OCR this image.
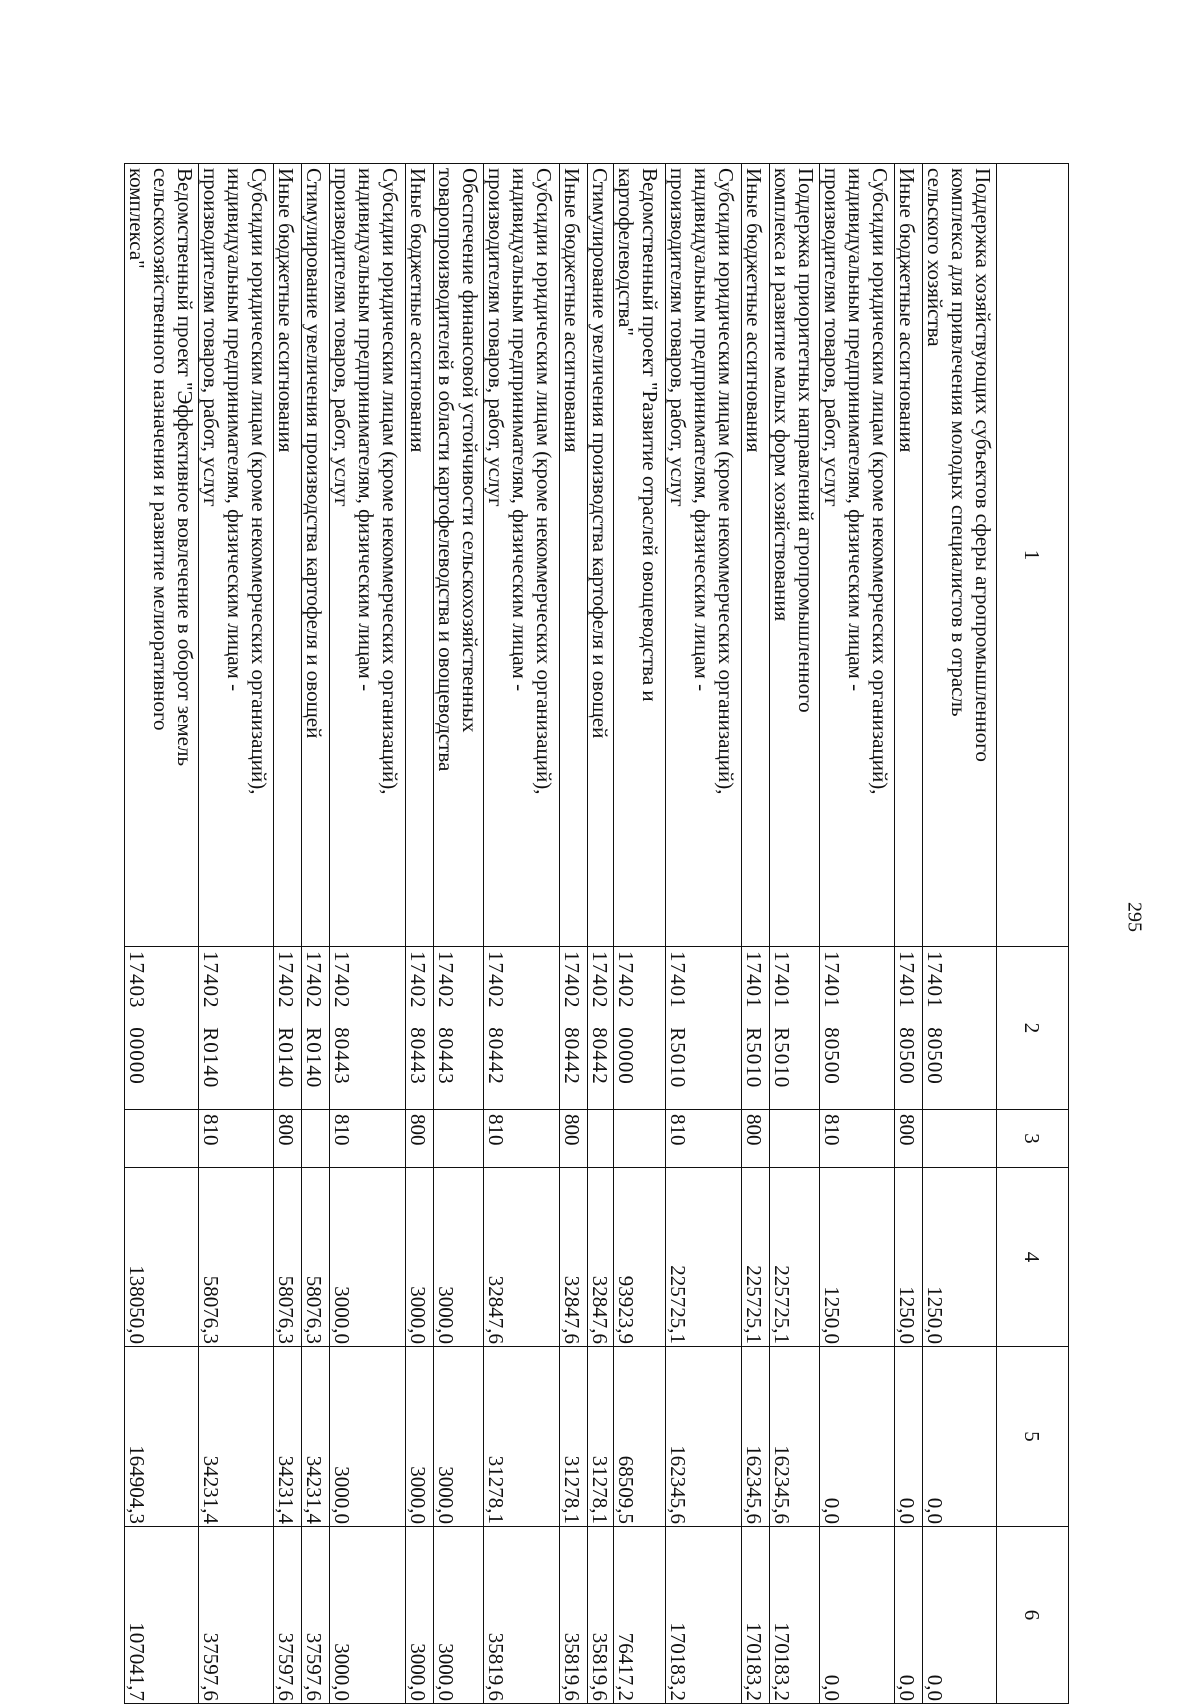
295
1	2	3	4	5	6

Поддержка хозяйствующих субъектов сферы агропромышленного
комплекса для привлечения молодых специалистов в отрасль
сельского хозяйства	17401   80500		1250,0	0,0	0,0

Иные бюджетные ассигнования	17401   80500	800	1250,0	0,0	0,0

Субсидии юридическим лицам (кроме некоммерческих организаций),
индивидуальным предпринимателям, физическим лицам -
производителям товаров, работ, услуг	17401   80500	810	1250,0	0,0	0,0

Поддержка приоритетных направлений агропромышленного
комплекса и развитие малых форм хозяйствования	17401   R5010		225725,1	162345,6	170183,2

Иные бюджетные ассигнования	17401   R5010	800	225725,1	162345,6	170183,2

Субсидии юридическим лицам (кроме некоммерческих организаций),
индивидуальным предпринимателям, физическим лицам -
производителям товаров, работ, услуг	17401   R5010	810	225725,1	162345,6	170183,2

Ведомственный проект "Развитие отраслей овощеводства и
картофелеводства"	17402   00000		93923,9	68509,5	76417,2

Стимулирование увеличения производства картофеля и овощей	17402   80442		32847,6	31278,1	35819,6

Иные бюджетные ассигнования	17402   80442	800	32847,6	31278,1	35819,6

Субсидии юридическим лицам (кроме некоммерческих организаций),
индивидуальным предпринимателям, физическим лицам -
производителям товаров, работ, услуг	17402   80442	810	32847,6	31278,1	35819,6

Обеспечение финансовой устойчивости сельскохозяйственных
товаропроизводителей в области картофелеводства и овощеводства	17402   80443		3000,0	3000,0	3000,0

Иные бюджетные ассигнования	17402   80443	800	3000,0	3000,0	3000,0

Субсидии юридическим лицам (кроме некоммерческих организаций),
индивидуальным предпринимателям, физическим лицам -
производителям товаров, работ, услуг	17402   80443	810	3000,0	3000,0	3000,0

Стимулирование увеличения производства картофеля и овощей	17402   R0140		58076,3	34231,4	37597,6

Иные бюджетные ассигнования	17402   R0140	800	58076,3	34231,4	37597,6

Субсидии юридическим лицам (кроме некоммерческих организаций),
индивидуальным предпринимателям, физическим лицам -
производителям товаров, работ, услуг	17402   R0140	810	58076,3	34231,4	37597,6

Ведомственный проект "Эффективное вовлечение в оборот земель
сельскохозяйственного назначения и развитие мелиоративного
комплекса"	17403   00000		138050,0	164904,3	107041,7
